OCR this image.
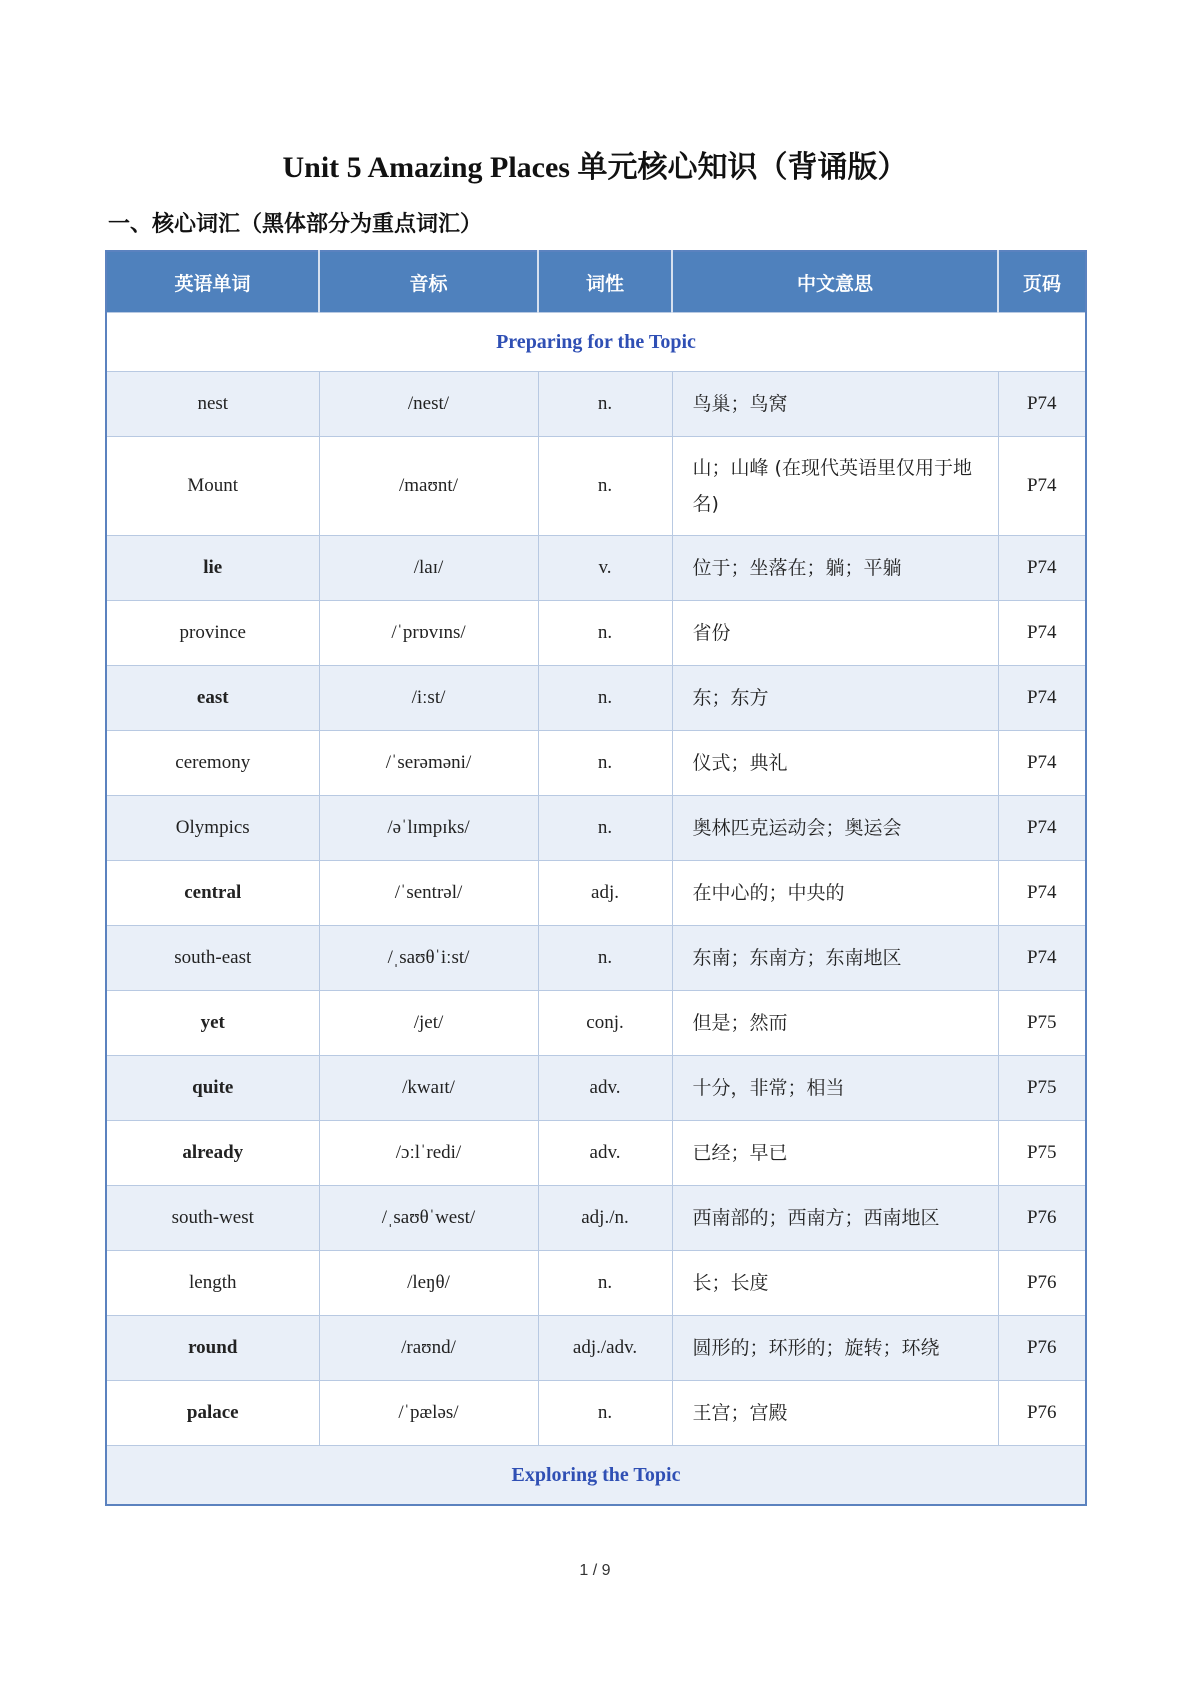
Unit 5 Amazing Places 单元核心知识（背诵版）
一、核心词汇（黑体部分为重点词汇）
英语单词	音标	词性	中文意思	页码
Preparing for the Topic				
nest	/nest/	n.	鸟巢；鸟窝	P74
Mount	/maʊnt/	n.	山；山峰 (在现代英语里仅用于地名)	P74
lie	/laɪ/	v.	位于；坐落在；躺；平躺	P74
province	/ˈprɒvɪns/	n.	省份	P74
east	/iːst/	n.	东；东方	P74
ceremony	/ˈserəməni/	n.	仪式；典礼	P74
Olympics	/əˈlɪmpɪks/	n.	奥林匹克运动会；奥运会	P74
central	/ˈsentrəl/	adj.	在中心的；中央的	P74
south-east	/ˌsaʊθˈiːst/	n.	东南；东南方；东南地区	P74
yet	/jet/	conj.	但是；然而	P75
quite	/kwaɪt/	adv.	十分，非常；相当	P75
already	/ɔːlˈredi/	adv.	已经；早已	P75
south-west	/ˌsaʊθˈwest/	adj./n.	西南部的；西南方；西南地区	P76
length	/leŋθ/	n.	长；长度	P76
round	/raʊnd/	adj./adv.	圆形的；环形的；旋转；环绕	P76
palace	/ˈpæləs/	n.	王宫；宫殿	P76
Exploring the Topic				
1 / 9
